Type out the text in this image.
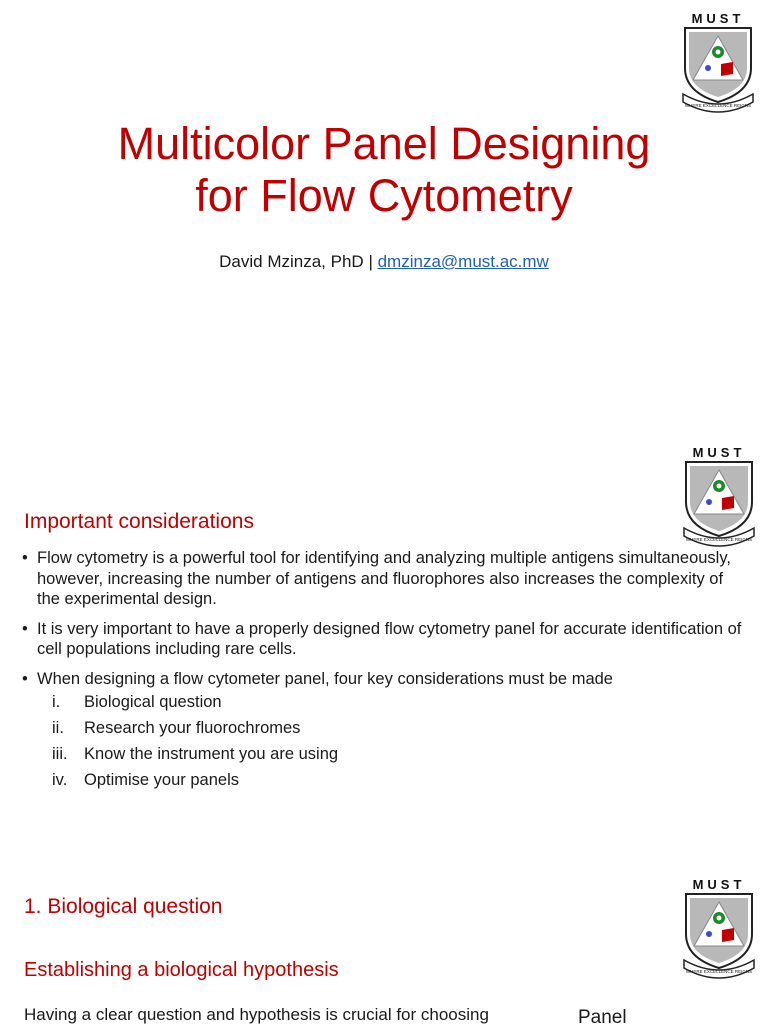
MUST
WHERE EXCELLENCE REIGNS
Multicolor Panel Designing
for Flow Cytometry
David Mzinza, PhD | dmzinza@must.ac.mw
MUST
WHERE EXCELLENCE REIGNS
Important considerations
• Flow cytometry is a powerful tool for identifying and analyzing multiple antigens simultaneously, however, increasing the number of antigens and fluorophores also increases the complexity of the experimental design.
• It is very important to have a properly designed flow cytometry panel for accurate identification of cell populations including rare cells.
• When designing a flow cytometer panel, four key considerations must be made
i. Biological question
ii. Research your fluorochromes
iii. Know the instrument you are using
iv. Optimise your panels
MUST
WHERE EXCELLENCE REIGNS
1. Biological question
Establishing a biological hypothesis
Having a clear question and hypothesis is crucial for choosing	Panel
